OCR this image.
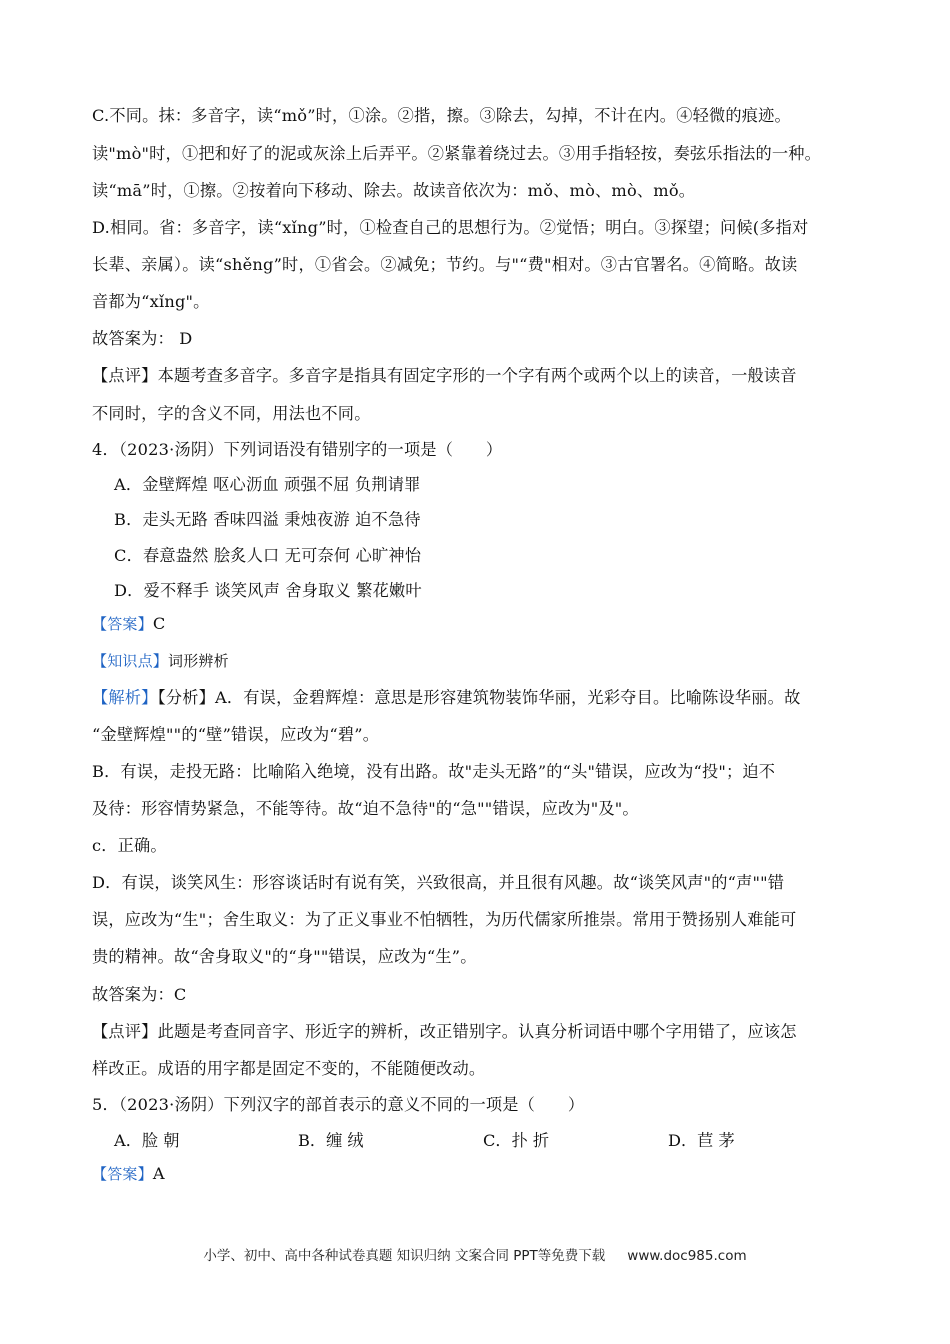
C.不同。抹：多音字，读“mǒ”时，①涂。②揩，擦。③除去，勾掉，不计在内。④轻微的痕迹。
读"mò"时，①把和好了的泥或灰涂上后弄平。②紧靠着绕过去。③用手指轻按，奏弦乐指法的一种。
读“mā”时，①擦。②按着向下移动、除去。故读音依次为：mǒ、mò、mò、mǒ。
D.相同。省：多音字，读“xǐng”时，①检查自己的思想行为。②觉悟；明白。③探望；问候(多指对
长辈、亲属）。读“shěng”时，①省会。②减免；节约。与"“费"相对。③古官署名。④简略。故读
音都为“xǐng"。
故答案为： D
【点评】本题考查多音字。多音字是指具有固定字形的一个字有两个或两个以上的读音，一般读音
不同时，字的含义不同，用法也不同。
4．（2023·汤阴）下列词语没有错别字的一项是（　　）
A．金壁辉煌 呕心沥血 顽强不屈 负荆请罪
B．走头无路 香味四溢 秉烛夜游 迫不急待
C．春意盎然 脍炙人口 无可奈何 心旷神怡
D．爱不释手 谈笑风声 舍身取义 繁花嫩叶
【答案】C
【知识点】词形辨析
【解析】【分析】A．有误，金碧辉煌：意思是形容建筑物装饰华丽，光彩夺目。比喻陈设华丽。故
“金壁辉煌""的“壁”错误，应改为“碧”。
B．有误，走投无路：比喻陷入绝境，没有出路。故"走头无路”的“头"错误，应改为“投"；迫不
及待：形容情势紧急，不能等待。故“迫不急待"的“急""错误，应改为"及"。
c．正确。
D．有误，谈笑风生：形容谈话时有说有笑，兴致很高，并且很有风趣。故“谈笑风声"的“声""错
误，应改为“生"；舍生取义：为了正义事业不怕牺牲，为历代儒家所推崇。常用于赞扬别人难能可
贵的精神。故“舍身取义"的“身""错误，应改为“生”。
故答案为：C
【点评】此题是考查同音字、形近字的辨析，改正错别字。认真分析词语中哪个字用错了，应该怎
样改正。成语的用字都是固定不变的，不能随便改动。
5．（2023·汤阴）下列汉字的部首表示的意义不同的一项是（　　）
A．脸 朝	B．缠 绒	C．扑 折	D．苣 茅
【答案】A
小学、初中、高中各种试卷真题 知识归纳 文案合同 PPT等免费下载 www.doc985.com
